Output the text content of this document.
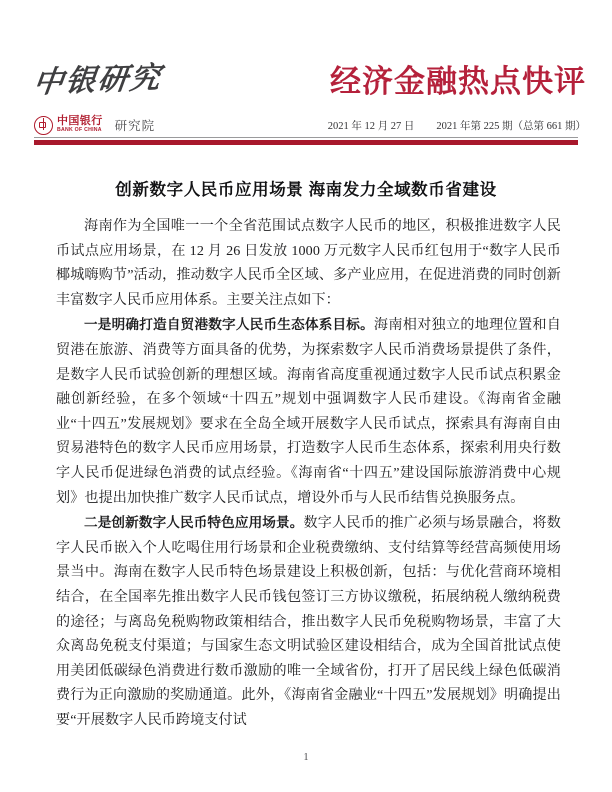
中银研究	经济金融热点快评
中国银行
BANK OF CHINA 研究院	2021 年 12 月 27 日 2021 年第 225 期（总第 661 期）
创新数字人民币应用场景 海南发力全域数币省建设

海南作为全国唯一一个全省范围试点数字人民币的地区，积极推进数字人民币试点应用场景，在 12 月 26 日发放 1000 万元数字人民币红包用于“数字人民币 椰城嗨购节”活动，推动数字人民币全区域、多产业应用，在促进消费的同时创新丰富数字人民币应用体系。主要关注点如下：

一是明确打造自贸港数字人民币生态体系目标。海南相对独立的地理位置和自贸港在旅游、消费等方面具备的优势，为探索数字人民币消费场景提供了条件，是数字人民币试验创新的理想区域。海南省高度重视通过数字人民币试点积累金融创新经验，在多个领域“十四五”规划中强调数字人民币建设。《海南省金融业“十四五”发展规划》要求在全岛全域开展数字人民币试点，探索具有海南自由贸易港特色的数字人民币应用场景，打造数字人民币生态体系，探索利用央行数字人民币促进绿色消费的试点经验。《海南省“十四五”建设国际旅游消费中心规划》也提出加快推广数字人民币试点，增设外币与人民币结售兑换服务点。

二是创新数字人民币特色应用场景。数字人民币的推广必须与场景融合，将数字人民币嵌入个人吃喝住用行场景和企业税费缴纳、支付结算等经营高频使用场景当中。海南在数字人民币特色场景建设上积极创新，包括：与优化营商环境相结合，在全国率先推出数字人民币钱包签订三方协议缴税，拓展纳税人缴纳税费的途径；与离岛免税购物政策相结合，推出数字人民币免税购物场景，丰富了大众离岛免税支付渠道；与国家生态文明试验区建设相结合，成为全国首批试点使用美团低碳绿色消费进行数币激励的唯一全域省份，打开了居民线上绿色低碳消费行为正向激励的奖励通道。此外，《海南省金融业“十四五”发展规划》明确提出要“开展数字人民币跨境支付试

1
